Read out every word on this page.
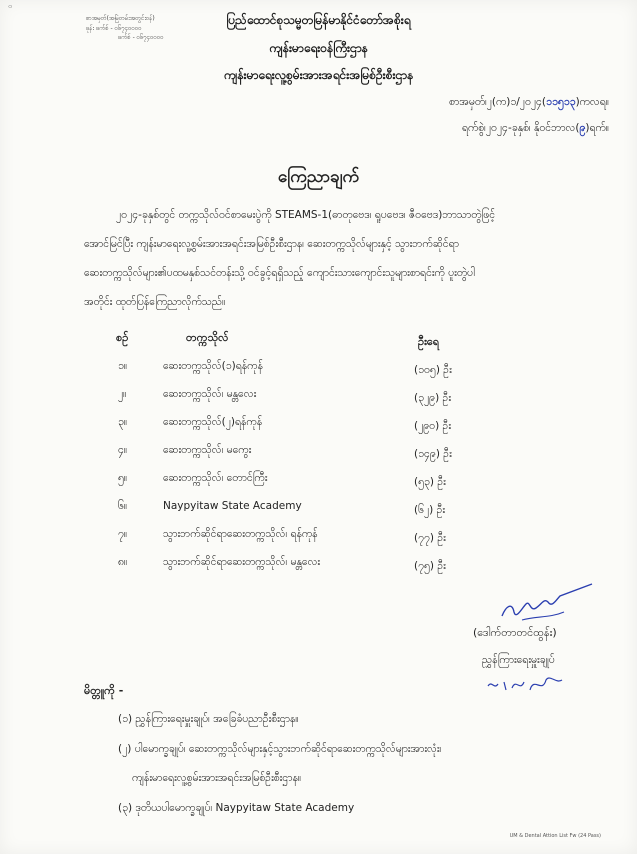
ဝ
စာအမှတ်(အမြဲတမ်းအတွင်းဝန်)
ဖုန်း ဖက်စ် - ၀၆၇၄၀၀၀၀
ဖက်စ် - ၀၆၇၄၀၀၀၀
ပြည်ထောင်စုသမ္မတမြန်မာနိုင်ငံတော်အစိုးရ
ကျန်းမာရေးဝန်ကြီးဌာန
ကျန်းမာရေးလူ့စွမ်းအားအရင်းအမြစ်ဦးစီးဌာန
စာအမှတ်၊၂(က)၁/၂၀၂၄(၁၁၅၁၃)ကလရ။
ရက်စွဲ၊၂၀၂၄-ခုနှစ်၊ နိုဝင်ဘာလ(၉)ရက်။
ကြေညာချက်
၂၀၂၄-ခုနှစ်တွင် တက္ကသိုလ်ဝင်စာမေးပွဲကို STEAMS-1(ဓာတုဗေဒ၊ ရူပဗေဒ၊ ဇီဝဗေဒ)ဘာသာတွဲဖြင့်
အောင်မြင်ပြီး ကျန်းမာရေးလူ့စွမ်းအားအရင်းအမြစ်ဦးစီးဌာန၊ ဆေးတက္ကသိုလ်များနှင့် သွားဘက်ဆိုင်ရာ
ဆေးတက္ကသိုလ်များ၏ပထမနှစ်သင်တန်းသို့ ဝင်ခွင့်ရရှိသည့် ကျောင်းသားကျောင်းသူများစာရင်းကို ပူးတွဲပါ
အတိုင်း ထုတ်ပြန်ကြေညာလိုက်သည်။
စဉ်	တက္ကသိုလ်	ဦးရေ
၁။	ဆေးတက္ကသိုလ်(၁)ရန်ကုန်	(၁၀၅) ဦး
၂။	ဆေးတက္ကသိုလ်၊ မန္တလေး	(၃၂၉) ဦး
၃။	ဆေးတက္ကသိုလ်(၂)ရန်ကုန်	(၂၉၀) ဦး
၄။	ဆေးတက္ကသိုလ်၊ မကွေး	(၁၄၉) ဦး
၅။	ဆေးတက္ကသိုလ်၊ တောင်ကြီး	(၅၃) ဦး
၆။	Naypyitaw State Academy	(၆၂) ဦး
၇။	သွားဘက်ဆိုင်ရာဆေးတက္ကသိုလ်၊ ရန်ကုန်	(၇၇) ဦး
၈။	သွားဘက်ဆိုင်ရာဆေးတက္ကသိုလ်၊ မန္တလေး	(၇၅) ဦး
(ဒေါက်တာတင်ထွန်း)
ညွှန်ကြားရေးမှူးချုပ်
မိတ္တူကို -
(၁) ညွှန်ကြားရေးမှူးချုပ်၊ အခြေခံပညာဦးစီးဌာန။
(၂) ပါမောက္ခချုပ်၊ ဆေးတက္ကသိုလ်များနှင့်သွားဘက်ဆိုင်ရာဆေးတက္ကသိုလ်များအားလုံး၊
ကျန်းမာရေးလူ့စွမ်းအားအရင်းအမြစ်ဦးစီးဌာန။
(၃) ဒုတိယပါမောက္ခချုပ်၊ Naypyitaw State Academy
UM & Dental Attion List Fw (24 Pass)
